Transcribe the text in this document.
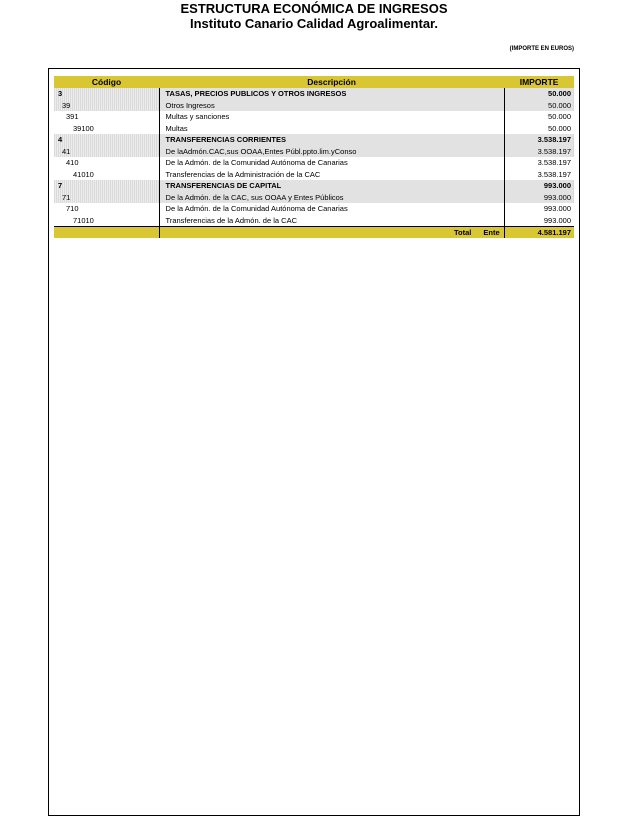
ESTRUCTURA ECONÓMICA DE INGRESOS
Instituto Canario Calidad Agroalimentar.
(IMPORTE EN EUROS)
Código	Descripción	IMPORTE
3	TASAS, PRECIOS PUBLICOS Y OTROS INGRESOS	50.000
39	Otros Ingresos	50.000
391	Multas y sanciones	50.000
39100	Multas	50.000
4	TRANSFERENCIAS CORRIENTES	3.538.197
41	De laAdmón.CAC,sus OOAA,Entes Públ.ppto.lim.yConso	3.538.197
410	De la Admón. de la Comunidad Autónoma de Canarias	3.538.197
41010	Transferencias de la Administración de la CAC	3.538.197
7	TRANSFERENCIAS DE CAPITAL	993.000
71	De la Admón. de la CAC, sus OOAA y Entes Públicos	993.000
710	De la Admón. de la Comunidad Autónoma de Canarias	993.000
71010	Transferencias de la Admón. de la CAC	993.000
	Total Ente	4.581.197
